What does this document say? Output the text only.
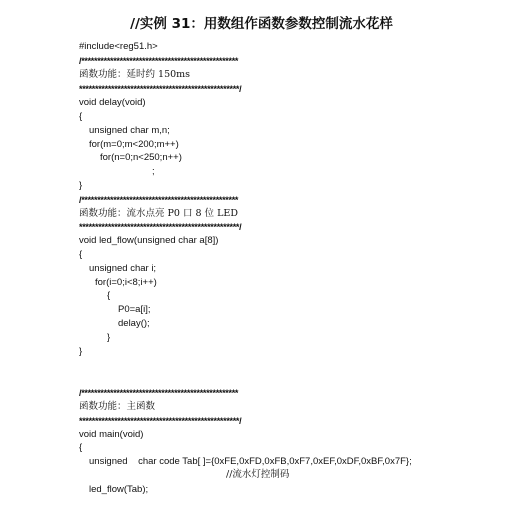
//实例 31：用数组作函数参数控制流水花样
#include<reg51.h>
/*************************************************
函数功能：延时约 150ms
**************************************************/
void delay(void)
{
unsigned char m,n;
for(m=0;m<200;m++)
for(n=0;n<250;n++)
;
}
/*************************************************
函数功能：流水点亮 P0 口 8 位 LED
**************************************************/
void led_flow(unsigned char a[8])
{
unsigned char i;
for(i=0;i<8;i++)
{
P0=a[i];
delay();
}
}
/*************************************************
函数功能：主函数
**************************************************/
void main(void)
{
unsigned    char code Tab[ ]={0xFE,0xFD,0xFB,0xF7,0xEF,0xDF,0xBF,0x7F};
//流水灯控制码
led_flow(Tab);
